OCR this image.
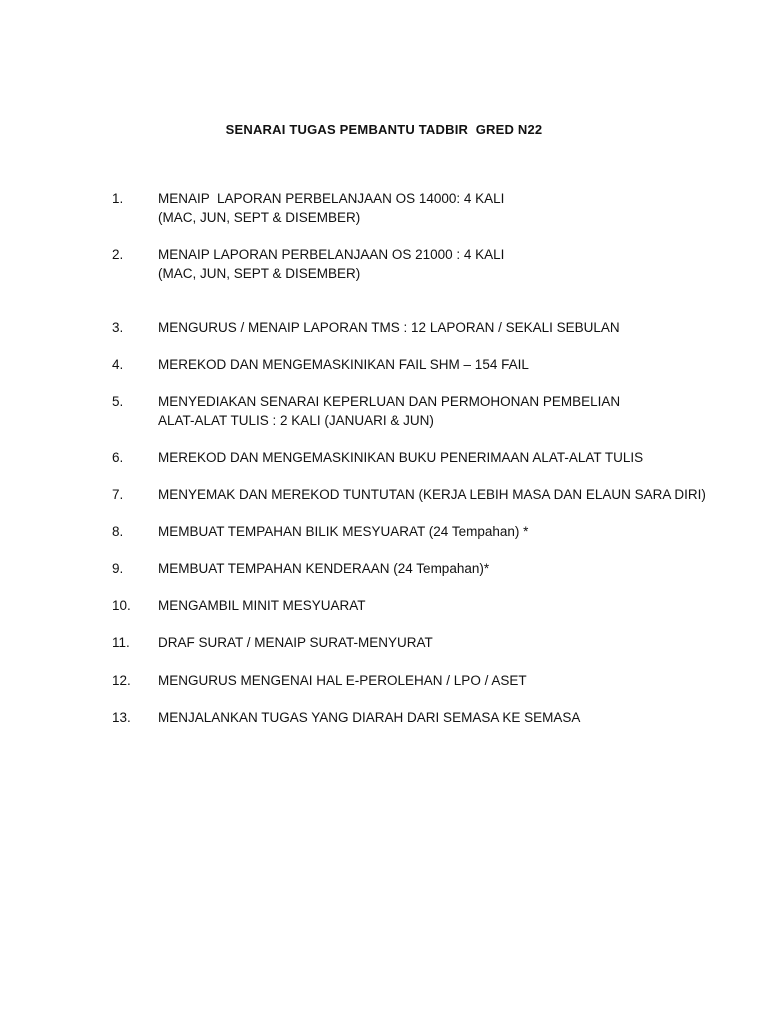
SENARAI TUGAS PEMBANTU TADBIR  GRED N22
1.	MENAIP  LAPORAN PERBELANJAAN OS 14000: 4 KALI
(MAC, JUN, SEPT & DISEMBER)
2.	MENAIP LAPORAN PERBELANJAAN OS 21000 : 4 KALI
(MAC, JUN, SEPT & DISEMBER)
3.	MENGURUS / MENAIP LAPORAN TMS : 12 LAPORAN / SEKALI SEBULAN
4.	MEREKOD DAN MENGEMASKINIKAN FAIL SHM – 154 FAIL
5.	MENYEDIAKAN SENARAI KEPERLUAN DAN PERMOHONAN PEMBELIAN
ALAT-ALAT TULIS : 2 KALI (JANUARI & JUN)
6.	MEREKOD DAN MENGEMASKINIKAN BUKU PENERIMAAN ALAT-ALAT TULIS
7.	MENYEMAK DAN MEREKOD TUNTUTAN (KERJA LEBIH MASA DAN ELAUN SARA DIRI)
8.	MEMBUAT TEMPAHAN BILIK MESYUARAT (24 Tempahan) *
9.	MEMBUAT TEMPAHAN KENDERAAN (24 Tempahan)*
10. MENGAMBIL MINIT MESYUARAT
11. DRAF SURAT / MENAIP SURAT-MENYURAT
12. MENGURUS MENGENAI HAL E-PEROLEHAN / LPO / ASET
13. MENJALANKAN TUGAS YANG DIARAH DARI SEMASA KE SEMASA
